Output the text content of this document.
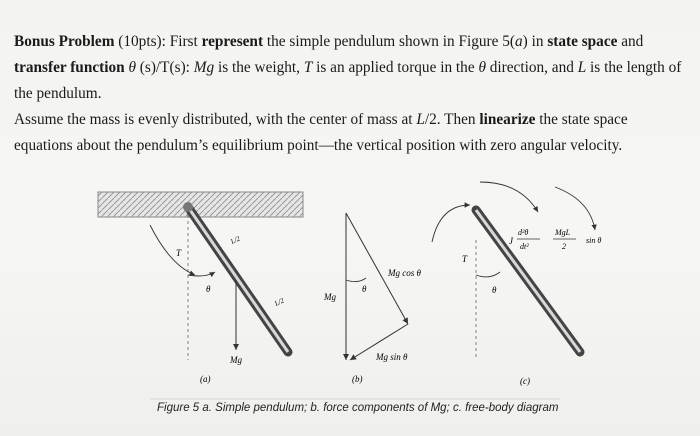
Bonus Problem (10pts): First represent the simple pendulum shown in Figure 5(a) in state space and transfer function θ (s)/T(s): Mg is the weight, T is an applied torque in the θ direction, and L is the length of the pendulum.
Assume the mass is evenly distributed, with the center of mass at L/2. Then linearize the state space equations about the pendulum’s equilibrium point—the vertical position with zero angular velocity.
T
θ
Mg
L/2
L/2
(a)
Mg
θ
Mg cos θ
Mg sin θ
(b)
T
θ
J
d²θ
dt²
MgL
2
sin θ
(c)
Figure 5 a. Simple pendulum; b. force components of Mg; c. free-body diagram
